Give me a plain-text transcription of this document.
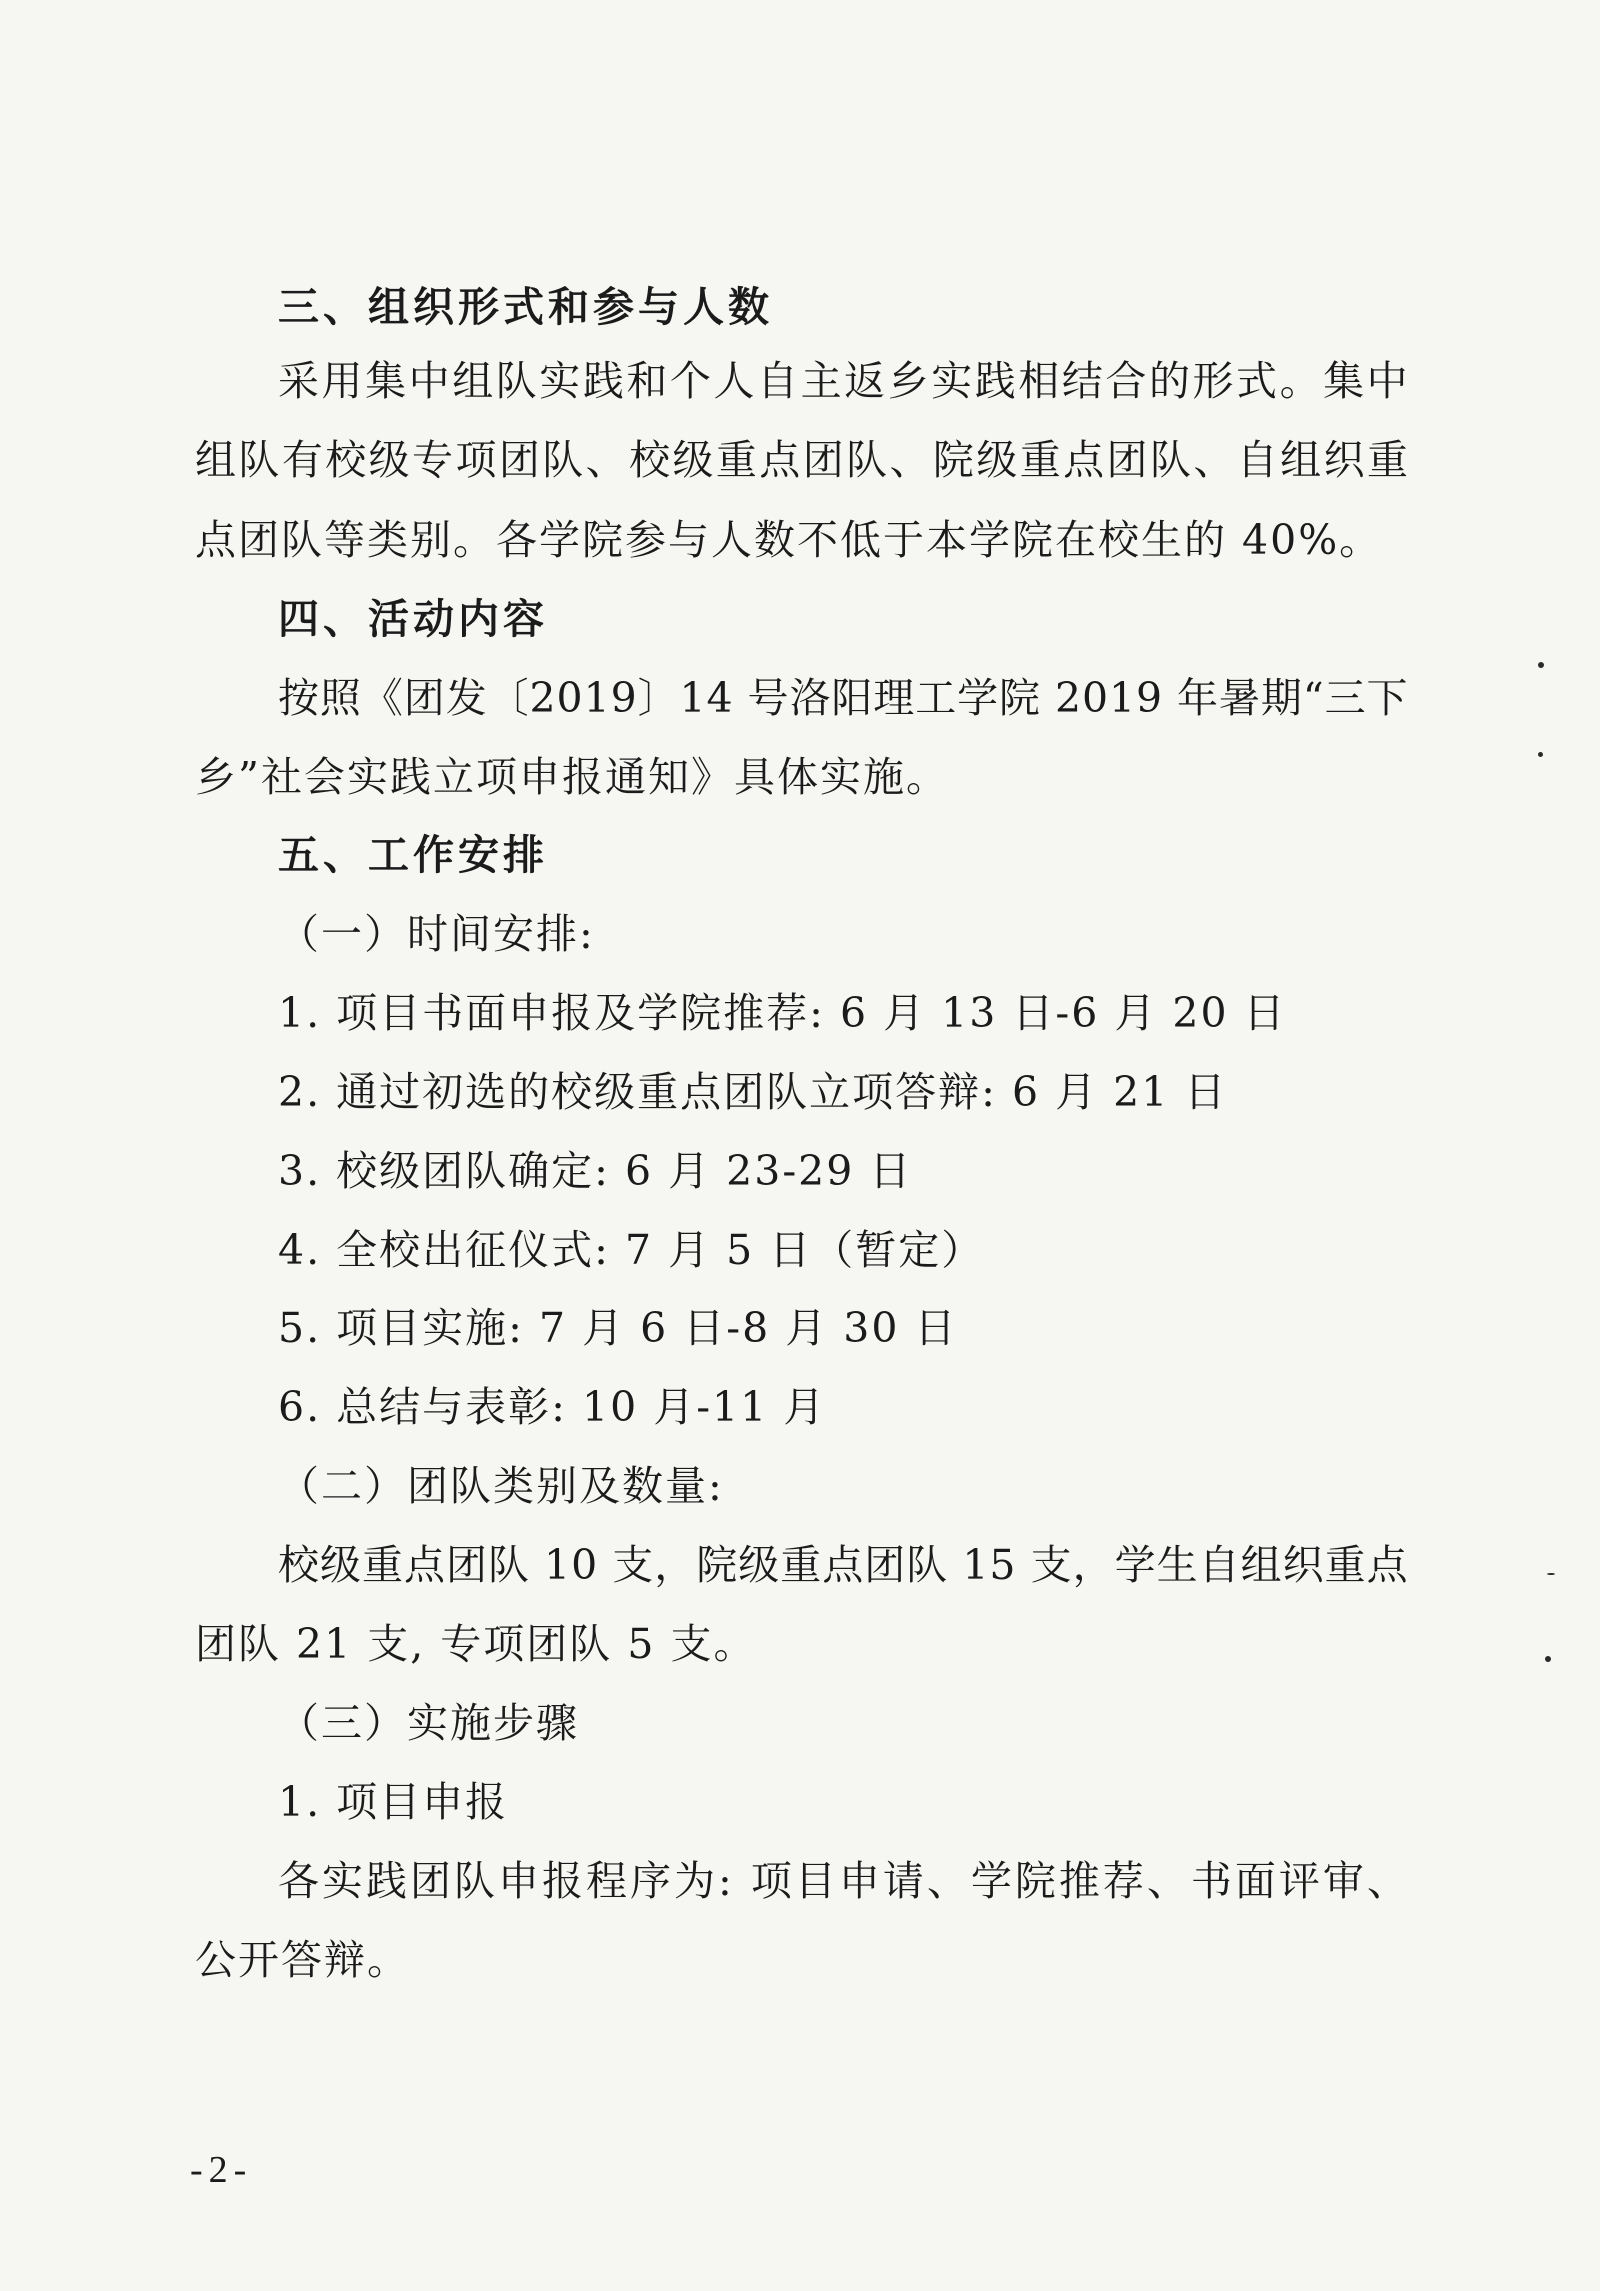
三、组织形式和参与人数
采 用 集 中 组 队 实 践 和 个 人 自 主 返 乡 实 践 相 结 合 的 形 式 。 集 中
组 队 有 校 级 专 项 团 队 、 校 级 重 点 团 队 、 院 级 重 点 团 队 、 自 组 织 重
点团队等类别。各学院参与人数不低于本学院在校生的 40%。
四、活动内容
按 照 《 团 发 〔 2 0 1 9 〕 1 4
号 洛 阳 理 工 学 院
2 0 1 9
年 暑 期 “ 三 下
乡”社会实践立项申报通知》具体实施。
五、工作安排
（一）时间安排:
1. 项目书面申报及学院推荐: 6 月 13 日-6 月 20 日
2. 通过初选的校级重点团队立项答辩: 6 月 21 日
3. 校级团队确定: 6 月 23-29 日
4. 全校出征仪式: 7 月 5 日（暂定）
5. 项目实施: 7 月 6 日-8 月 30 日
6. 总结与表彰: 10 月-11 月
（二）团队类别及数量:
校 级 重 点 团 队
1 0
支 ， 院 级 重 点 团 队
1 5
支 ， 学 生 自 组 织 重 点
团队 21 支, 专项团队 5 支。
（三）实施步骤
1. 项目申报
各 实 践 团 队 申 报 程 序 为 :
项 目 申 请 、 学 院 推 荐 、 书 面 评 审 、
公开答辩。
-2-
